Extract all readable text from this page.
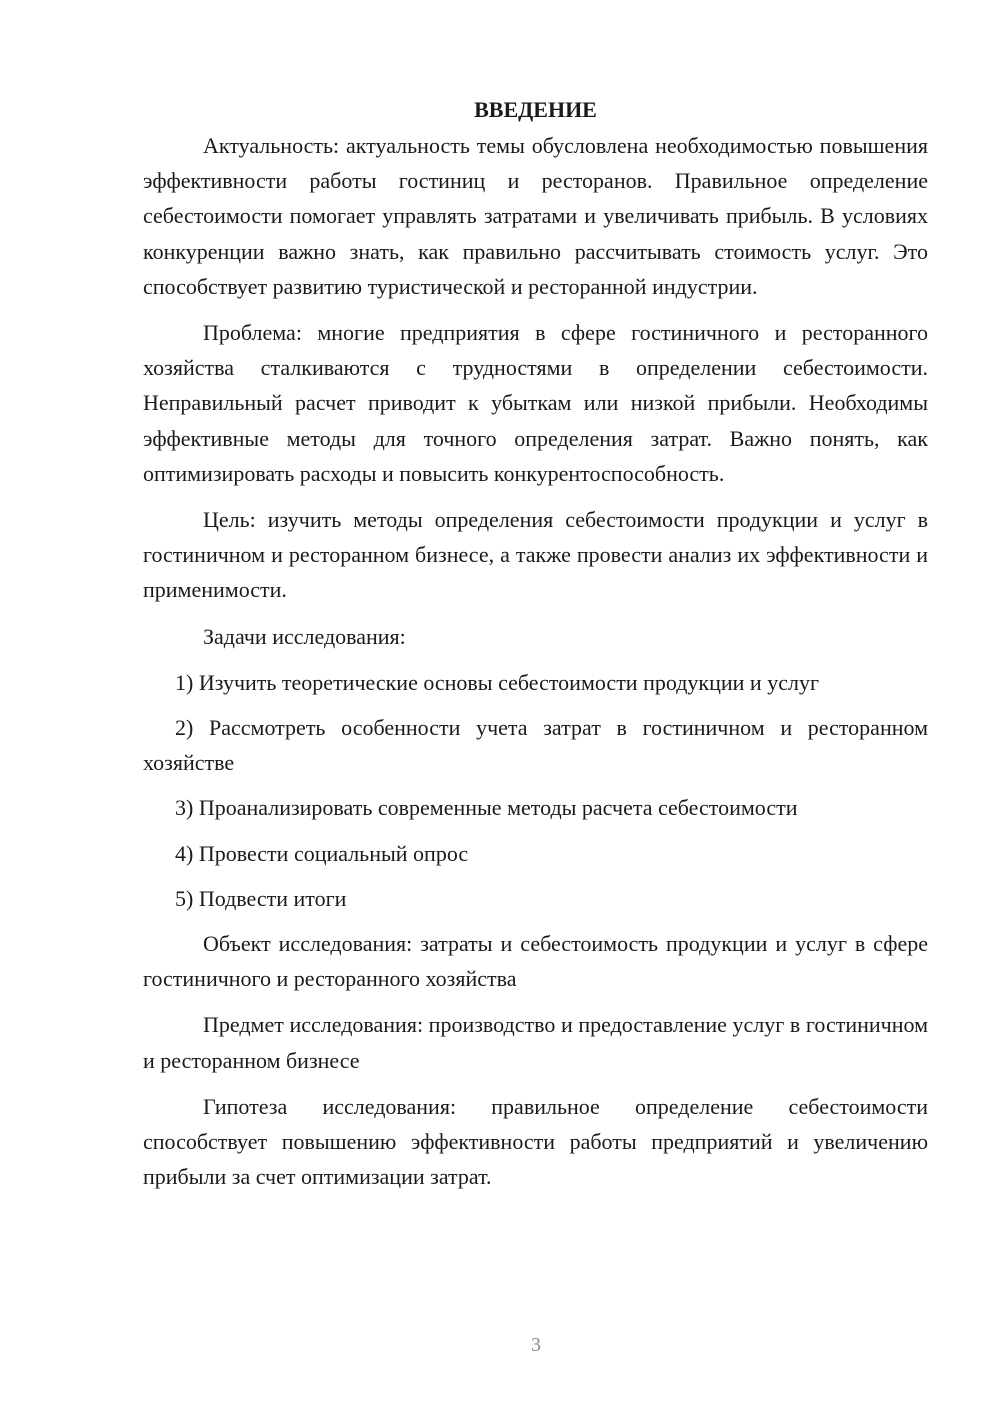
ВВЕДЕНИЕ

Актуальность: актуальность темы обусловлена необходимостью повышения эффективности работы гостиниц и ресторанов. Правильное определение себестоимости помогает управлять затратами и увеличивать прибыль. В условиях конкуренции важно знать, как правильно рассчитывать стоимость услуг. Это способствует развитию туристической и ресторанной индустрии.

Проблема: многие предприятия в сфере гостиничного и ресторанного хозяйства сталкиваются с трудностями в определении себестоимости. Неправильный расчет приводит к убыткам или низкой прибыли. Необходимы эффективные методы для точного определения затрат. Важно понять, как оптимизировать расходы и повысить конкурентоспособность.

Цель: изучить методы определения себестоимости продукции и услуг в гостиничном и ресторанном бизнесе, а также провести анализ их эффективности и применимости.

Задачи исследования:

1) Изучить теоретические основы себестоимости продукции и услуг

2) Рассмотреть особенности учета затрат в гостиничном и ресторанном хозяйстве

3) Проанализировать современные методы расчета себестоимости

4) Провести социальный опрос

5) Подвести итоги

Объект исследования: затраты и себестоимость продукции и услуг в сфере гостиничного и ресторанного хозяйства

Предмет исследования: производство и предоставление услуг в гостиничном и ресторанном бизнесе

Гипотеза исследования: правильное определение себестоимости способствует повышению эффективности работы предприятий и увеличению прибыли за счет оптимизации затрат.

3
